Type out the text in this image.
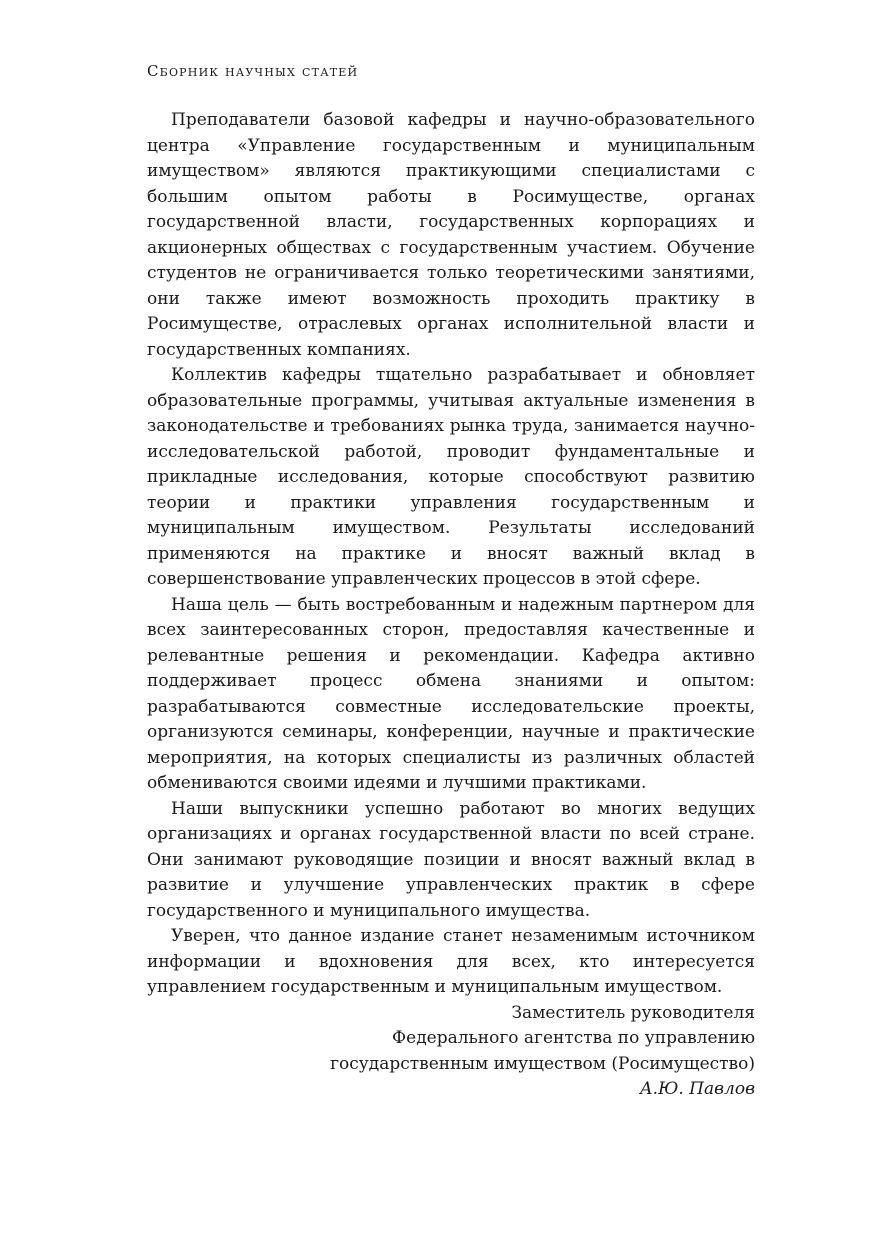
Сборник научных статей

Преподаватели базовой кафедры и научно-образовательного центра «Управление государственным и муниципальным имуществом» являются практикующими специалистами с большим опытом работы в Росимуществе, органах государственной власти, государственных корпорациях и акционерных обществах с государственным участием. Обучение студентов не ограничивается только теоретическими занятиями, они также имеют возможность проходить практику в Росимуществе, отраслевых органах исполнительной власти и государственных компаниях.

Коллектив кафедры тщательно разрабатывает и обновляет образовательные программы, учитывая актуальные изменения в законодательстве и требованиях рынка труда, занимается научно-исследовательской работой, проводит фундаментальные и прикладные исследования, которые способствуют развитию теории и практики управления государственным и муниципальным имуществом. Результаты исследований применяются на практике и вносят важный вклад в совершенствование управленческих процессов в этой сфере.

Наша цель — быть востребованным и надежным партнером для всех заинтересованных сторон, предоставляя качественные и релевантные решения и рекомендации. Кафедра активно поддерживает процесс обмена знаниями и опытом: разрабатываются совместные исследовательские проекты, организуются семинары, конференции, научные и практические мероприятия, на которых специалисты из различных областей обмениваются своими идеями и лучшими практиками.

Наши выпускники успешно работают во многих ведущих организациях и органах государственной власти по всей стране. Они занимают руководящие позиции и вносят важный вклад в развитие и улучшение управленческих практик в сфере государственного и муниципального имущества.

Уверен, что данное издание станет незаменимым источником информации и вдохновения для всех, кто интересуется управлением государственным и муниципальным имуществом.

Заместитель руководителя
Федерального агентства по управлению
государственным имуществом (Росимущество)
А.Ю. Павлов
